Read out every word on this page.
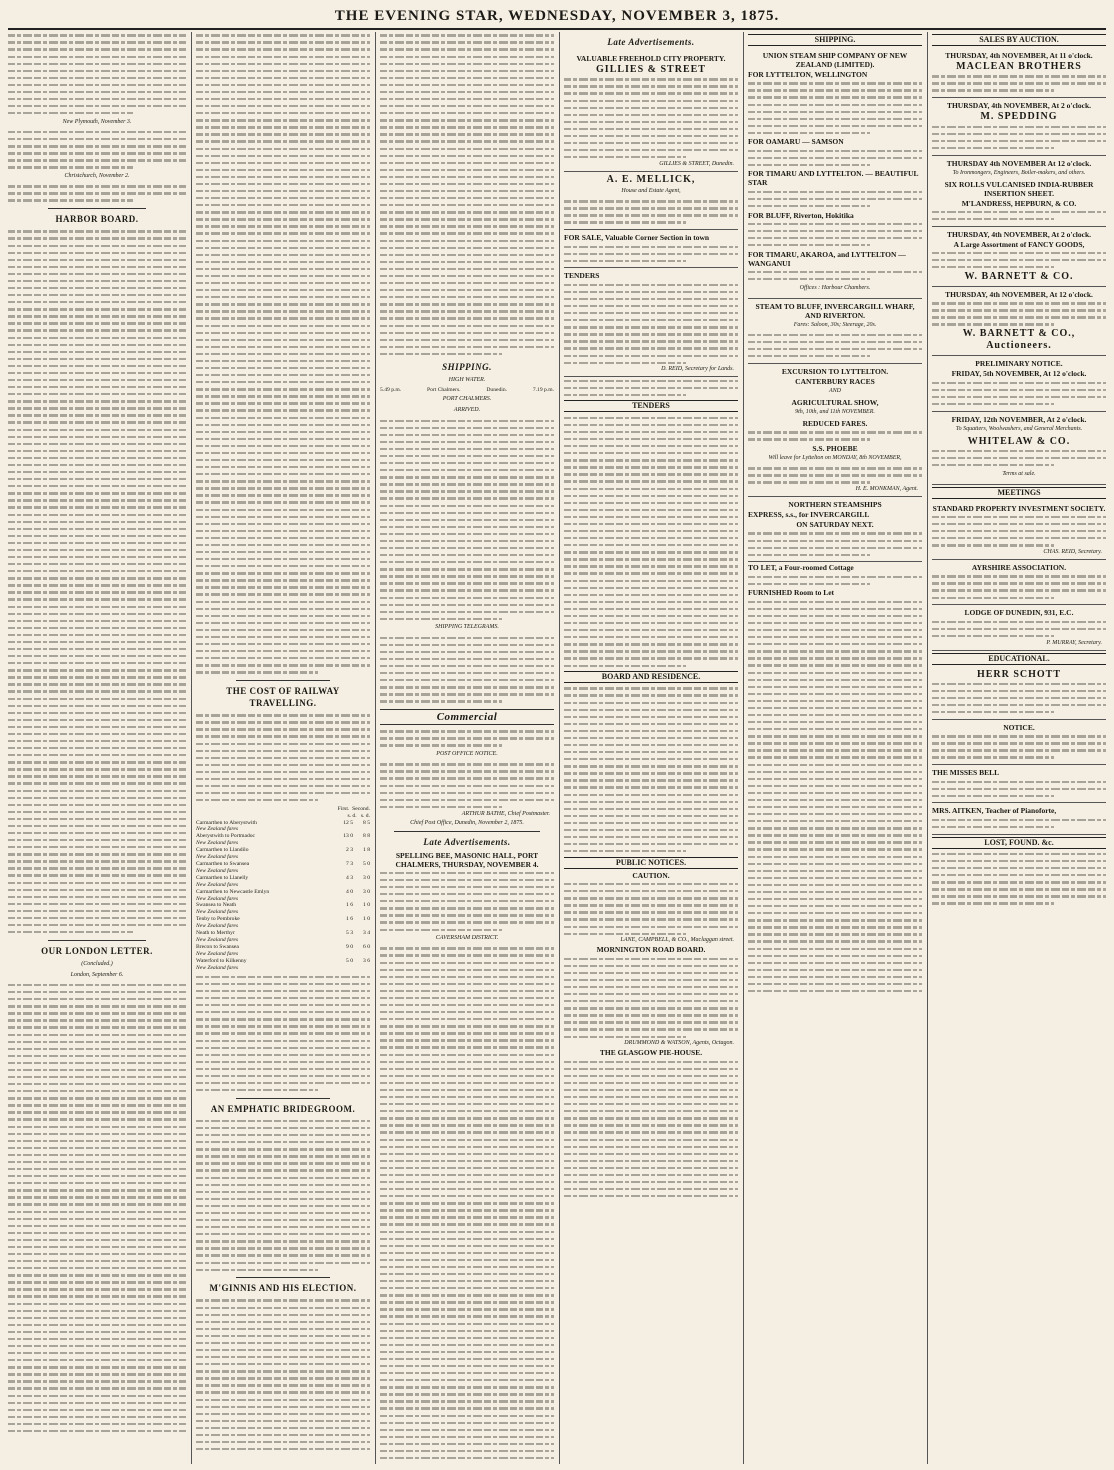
THE EVENING STAR, WEDNESDAY, NOVEMBER 3, 1875.
New Plymouth, November 3.
Christchurch, November 2.
HARBOR BOARD.
OUR LONDON LETTER.
(Concluded.)
London, September 6.
THE COST OF RAILWAY TRAVELLING.
First. Second.
s. d. s. d.
Carmarthen to Aberystwith	12 5 8 5
New Zealand fares
Aberystwith to Portmadoc	13 0 8 8
New Zealand fares
Carmarthen to Llandilo	2 3 1 8
New Zealand fares
Carmarthen to Swansea	7 3 5 0
New Zealand fares
Carmarthen to Llanelly	4 3 3 0
New Zealand fares
Carmarthen to Newcastle Emlyn	4 0 3 0
New Zealand fares
Swansea to Neath	1 6 1 0
New Zealand fares
Tenby to Pembroke	1 6 1 0
New Zealand fares
Neath to Merthyr	5 3 3 4
New Zealand fares
Brecon to Swansea	9 0 6 0
New Zealand fares
Waterford to Kilkenny	5 0 3 6
New Zealand fares
AN EMPHATIC BRIDEGROOM.
M'GINNIS AND HIS ELECTION.
SHIPPING.
HIGH WATER.
5.49 p.m.	Port Chalmers.	Dunedin.	7.19 p.m.
PORT CHALMERS.
ARRIVED.
SHIPPING TELEGRAMS.
Commercial
POST OFFICE NOTICE.
ARTHUR BATHE, Chief Postmaster.
Chief Post Office, Dunedin, November 2, 1875.
Late Advertisements.
SPELLING BEE, MASONIC HALL, PORT CHALMERS, THURSDAY, NOVEMBER 4.
CAVERSHAM DISTRICT.
Late Advertisements.
VALUABLE FREEHOLD CITY PROPERTY.
GILLIES & STREET
GILLIES & STREET, Dunedin.
A. E. MELLICK,
House and Estate Agent,
FOR SALE, Valuable Corner Section in town
TENDERS
D. REID, Secretary for Lands.
TENDERS
BOARD AND RESIDENCE.
PUBLIC NOTICES.
CAUTION.
LANE, CAMPBELL, & CO., Maclaggan street.
MORNINGTON ROAD BOARD.
DRUMMOND & WATSON, Agents, Octagon.
THE GLASGOW PIE-HOUSE.
SHIPPING.
UNION STEAM SHIP COMPANY OF NEW ZEALAND (LIMITED).
FOR LYTTELTON, WELLINGTON
FOR OAMARU — SAMSON
FOR TIMARU AND LYTTELTON. — BEAUTIFUL STAR
FOR BLUFF, Riverton, Hokitika
FOR TIMARU, AKAROA, and LYTTELTON — WANGANUI
Offices : Harbour Chambers.
STEAM TO BLUFF, INVERCARGILL WHARF, AND RIVERTON.
Fares: Saloon, 30s; Steerage, 20s.
EXCURSION TO LYTTELTON.
CANTERBURY RACES
AND
AGRICULTURAL SHOW,
9th, 10th, and 11th NOVEMBER.
REDUCED FARES.
S.S. PHOEBE
Will leave for Lyttelton on MONDAY, 8th NOVEMBER,
H. E. MONKMAN, Agent.
NORTHERN STEAMSHIPS
EXPRESS, s.s., for INVERCARGILL
ON SATURDAY NEXT.
TO LET, a Four-roomed Cottage
FURNISHED Room to Let
SALES BY AUCTION.
THURSDAY, 4th NOVEMBER, At 11 o'clock.
MACLEAN BROTHERS
THURSDAY, 4th NOVEMBER, At 2 o'clock.
M. SPEDDING
THURSDAY 4th NOVEMBER At 12 o'clock.
To Ironmongers, Engineers, Boiler-makers, and others.
SIX ROLLS VULCANISED INDIA-RUBBER INSERTION SHEET.
M'LANDRESS, HEPBURN, & CO.
THURSDAY, 4th NOVEMBER, At 2 o'clock.
A Large Assortment of FANCY GOODS,
W. BARNETT & CO.
THURSDAY, 4th NOVEMBER, At 12 o'clock.
W. BARNETT & CO., Auctioneers.
PRELIMINARY NOTICE.
FRIDAY, 5th NOVEMBER, At 12 o'clock.
FRIDAY, 12th NOVEMBER, At 2 o'clock.
To Squatters, Woolwashers, and General Merchants.
WHITELAW & CO.
Terms at sale.
MEETINGS
STANDARD PROPERTY INVESTMENT SOCIETY.
CHAS. REID, Secretary.
AYRSHIRE ASSOCIATION.
LODGE OF DUNEDIN, 931, E.C.
P. MURRAY, Secretary.
EDUCATIONAL.
HERR SCHOTT
NOTICE.
THE MISSES BELL
MRS. AITKEN, Teacher of Pianoforte,
LOST, FOUND. &c.
